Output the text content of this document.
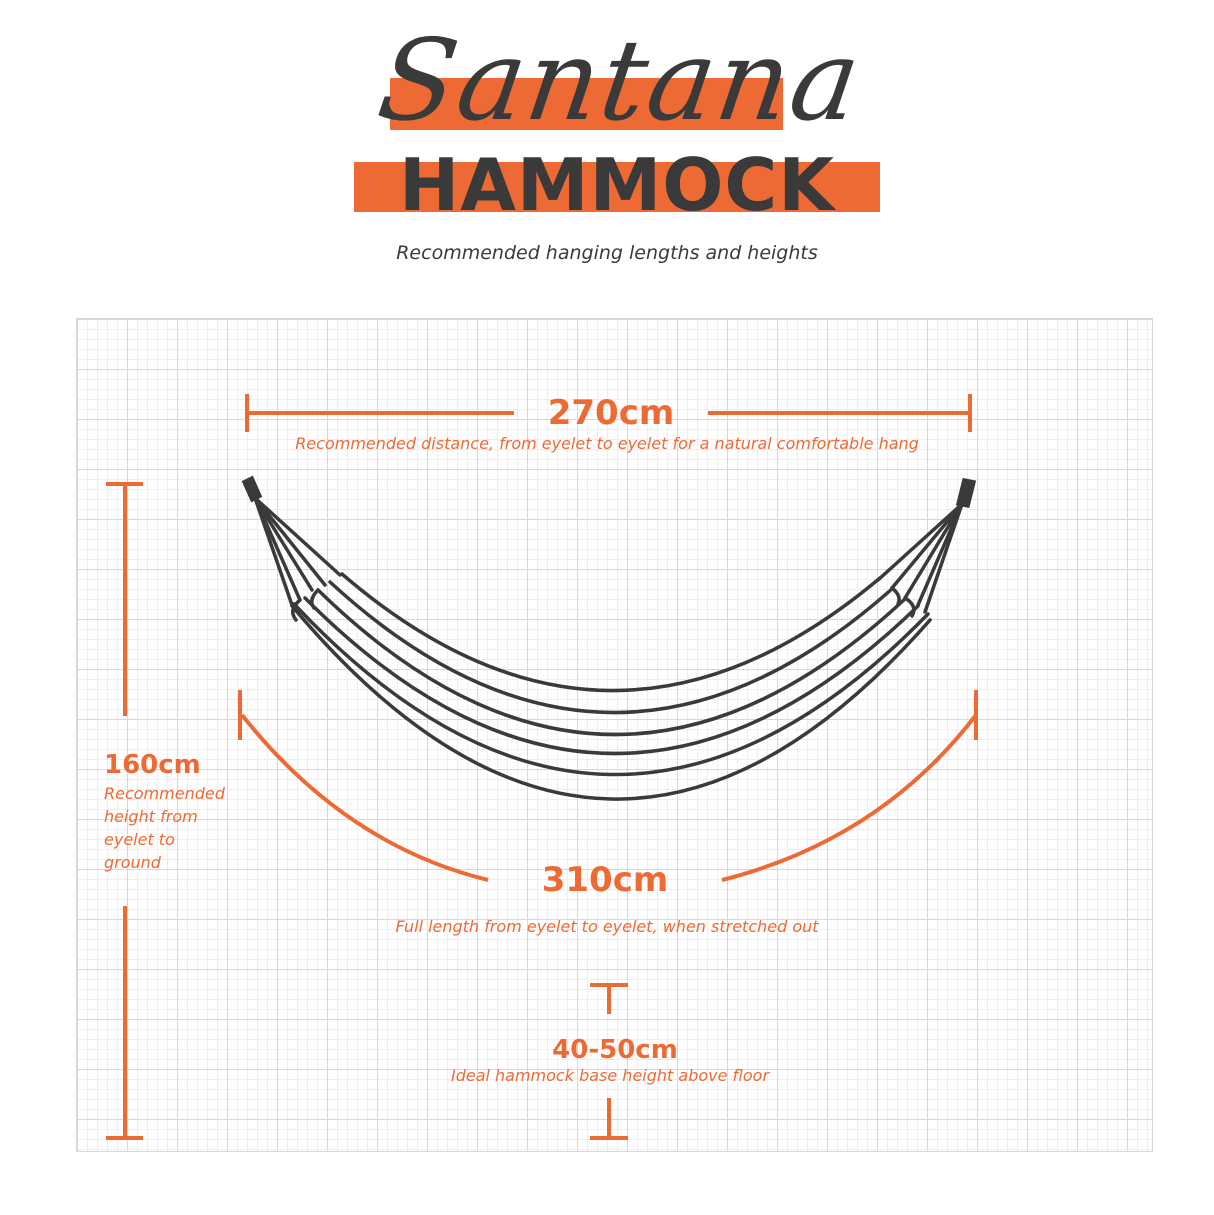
Santana
HAMMOCK
Recommended hanging lengths and heights
270cm
Recommended distance, from eyelet to eyelet for a natural comfortable hang
160cm
Recommended
height from
eyelet to
ground	310cm
Full length from eyelet to eyelet, when stretched out
40-50cm
Ideal hammock base height above floor
